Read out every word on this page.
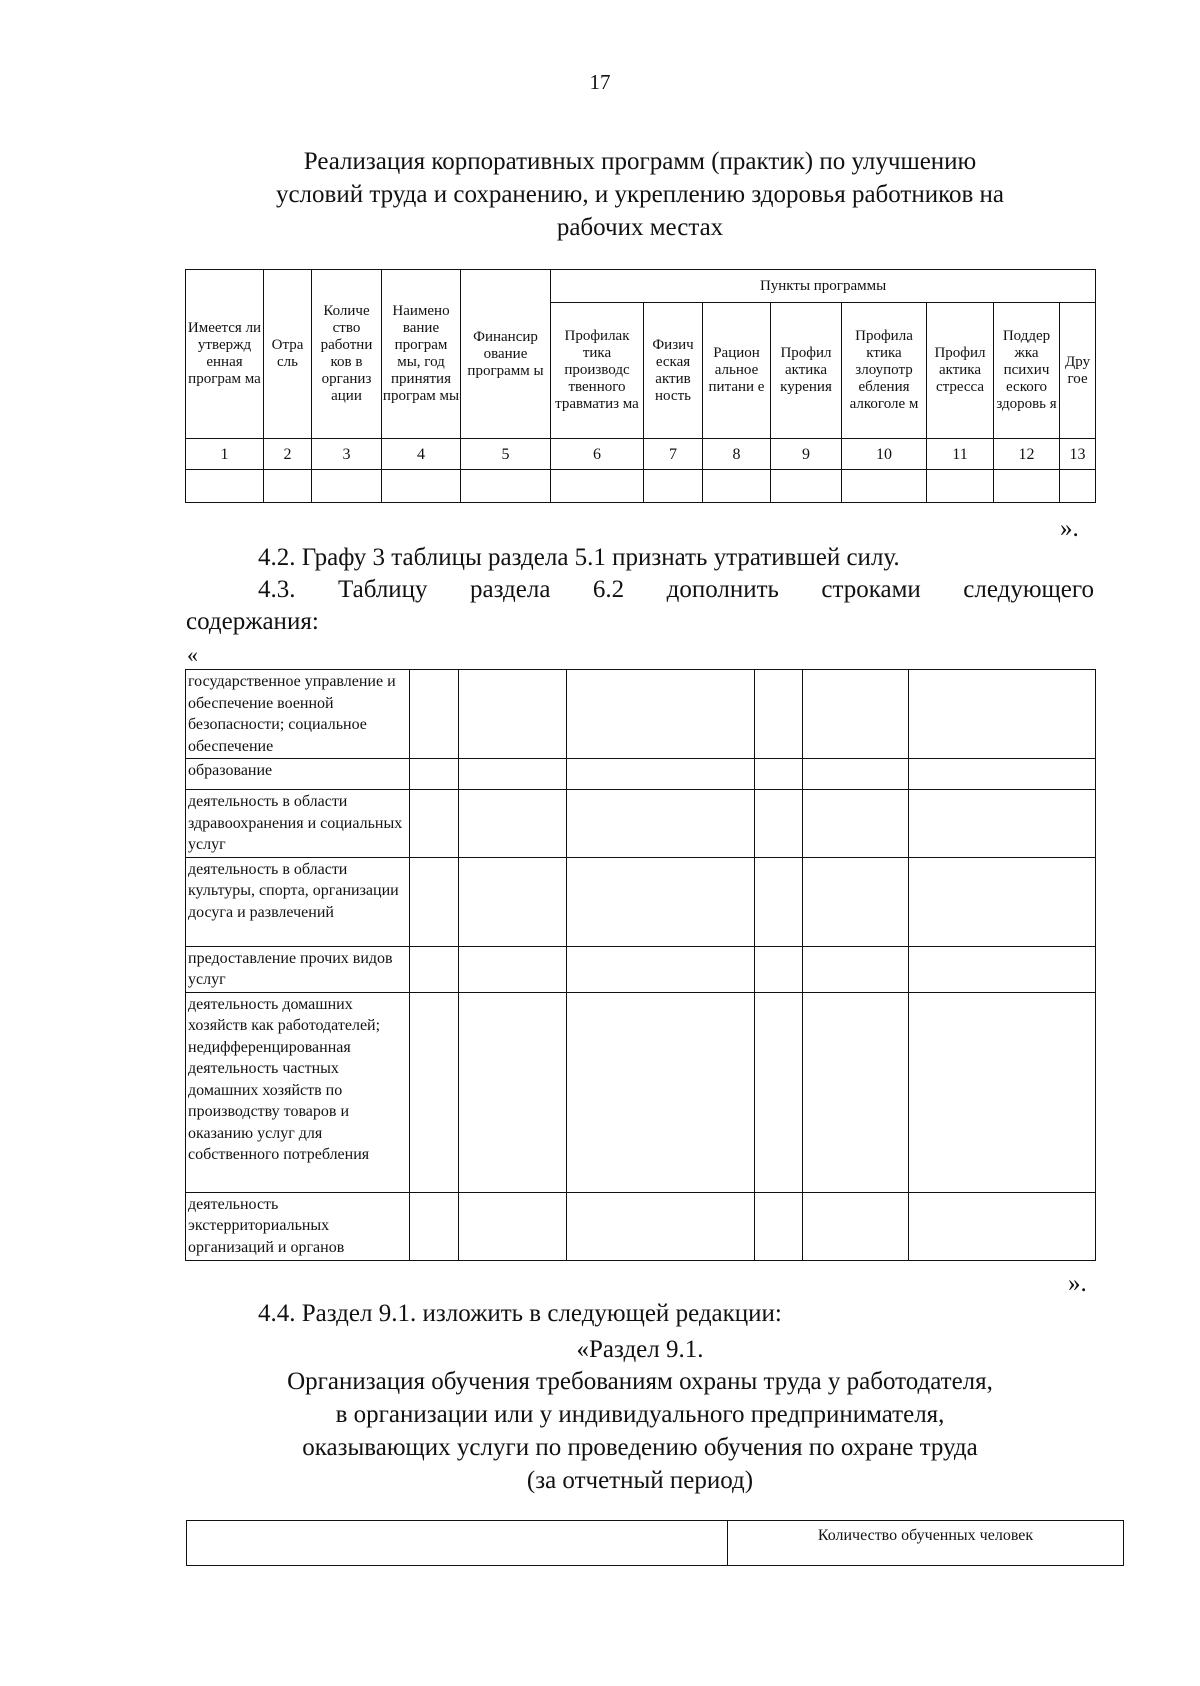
17
Реализация корпоративных программ (практик) по улучшению
условий труда и сохранению, и укреплению здоровья работников на
рабочих местах
Имеется ли утвержд енная програм ма	Отра сль	Количе ство работни ков в организ ации	Наимено вание програм мы, год принятия програм мы	Финансир ование программ ы	Пункты программы							
					Профилак тика производс твенного травматиз ма	Физич еская актив ность	Рацион альное питани е	Профил актика курения	Профила ктика злоупотр ебления алкоголе м	Профил актика стресса	Поддер жка психич еского здоровь я	Дру гое
1	2	3	4	5	6	7	8	9	10	11	12	13

».
4.2. Графу 3 таблицы раздела 5.1 признать утратившей силу.
4.3. Таблицу раздела 6.2 дополнить строками следующего
содержания:
«
государственное управление и обеспечение военной безопасности; социальное обеспечение						
образование						
деятельность в области здравоохранения и социальных услуг						
деятельность в области культуры, спорта, организации досуга и развлечений						
предоставление прочих видов услуг						
деятельность домашних хозяйств как работодателей; недифференцированная деятельность частных домашних хозяйств по производству товаров и оказанию услуг для собственного потребления						
деятельность экстерриториальных организаций и органов						
».
4.4. Раздел 9.1. изложить в следующей редакции:
«Раздел 9.1.
Организация обучения требованиям охраны труда у работодателя,
в организации или у индивидуального предпринимателя,
оказывающих услуги по проведению обучения по охране труда
(за отчетный период)
	Количество обученных человек
